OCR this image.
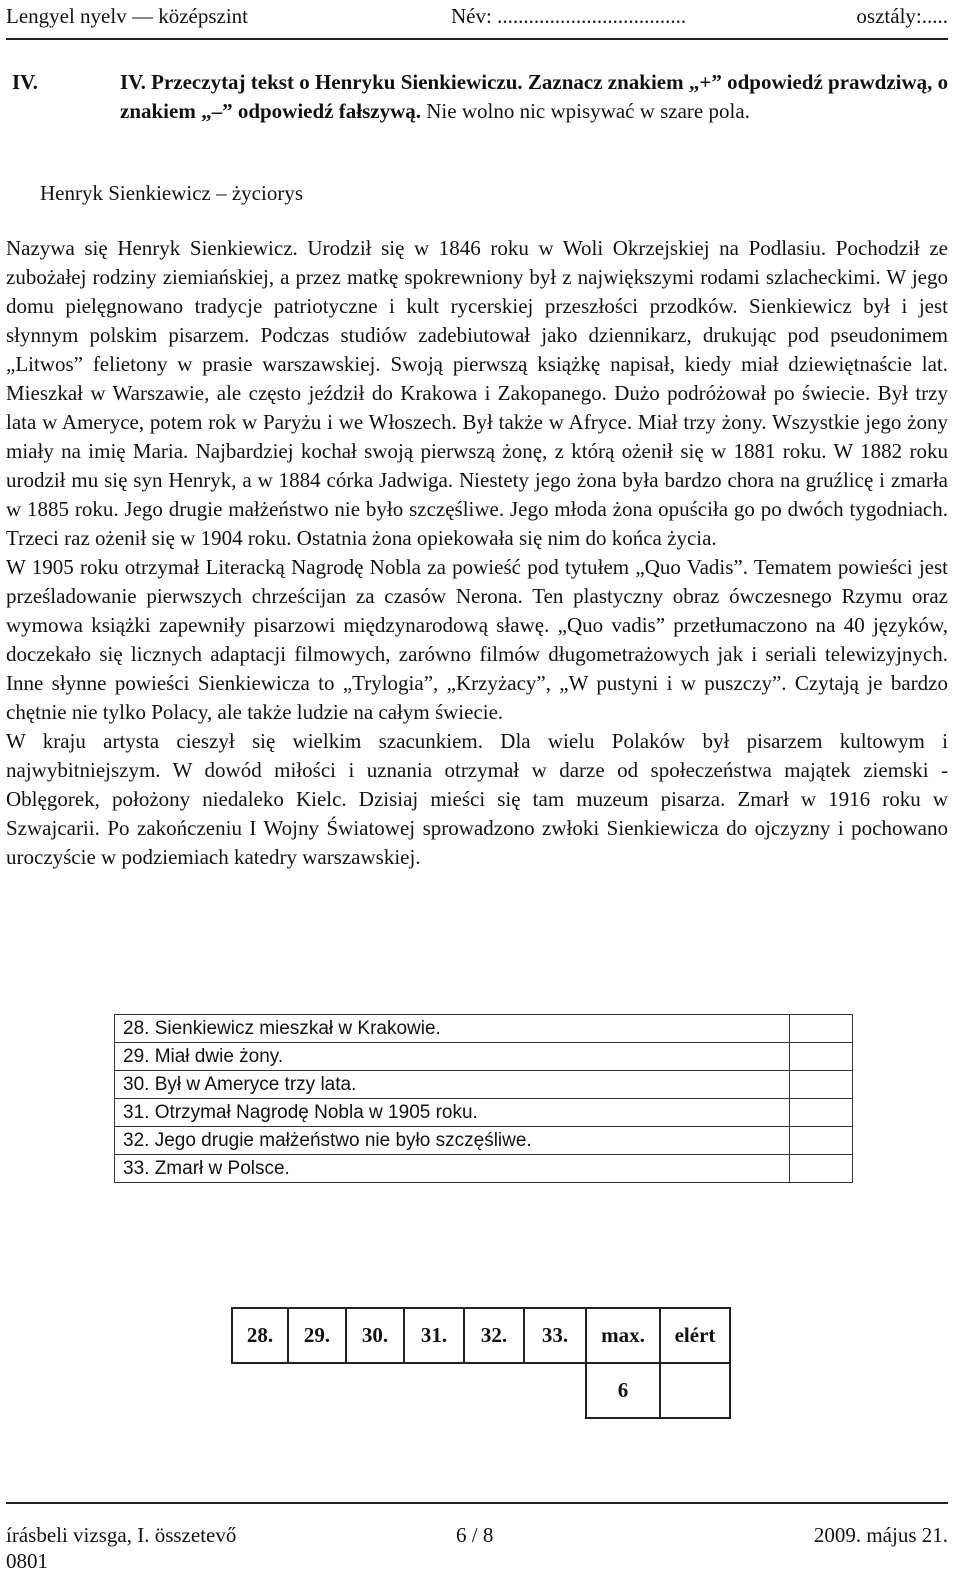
Lengyel nyelv — középszint	Név: ....................................	osztály:.....
IV.	IV. Przeczytaj tekst o Henryku Sienkiewiczu. Zaznacz znakiem „+” odpowiedź prawdziwą, o znakiem „–” odpowiedź fałszywą. Nie wolno nic wpisywać w szare pola.
Henryk Sienkiewicz – życiorys

Nazywa się Henryk Sienkiewicz. Urodził się w 1846 roku w Woli Okrzejskiej na Podlasiu. Pochodził ze zubożałej rodziny ziemiańskiej, a przez matkę spokrewniony był z największymi rodami szlacheckimi. W jego domu pielęgnowano tradycje patriotyczne i kult rycerskiej przeszłości przodków. Sienkiewicz był i jest słynnym polskim pisarzem. Podczas studiów zadebiutował jako dziennikarz, drukując pod pseudonimem „Litwos” felietony w prasie warszawskiej. Swoją pierwszą książkę napisał, kiedy miał dziewiętnaście lat. Mieszkał w Warszawie, ale często jeździł do Krakowa i Zakopanego. Dużo podróżował po świecie. Był trzy lata w Ameryce, potem rok w Paryżu i we Włoszech. Był także w Afryce. Miał trzy żony. Wszystkie jego żony miały na imię Maria. Najbardziej kochał swoją pierwszą żonę, z którą ożenił się w 1881 roku. W 1882 roku urodził mu się syn Henryk, a w 1884 córka Jadwiga. Niestety jego żona była bardzo chora na gruźlicę i zmarła w 1885 roku. Jego drugie małżeństwo nie było szczęśliwe. Jego młoda żona opuściła go po dwóch tygodniach. Trzeci raz ożenił się w 1904 roku. Ostatnia żona opiekowała się nim do końca życia.

W 1905 roku otrzymał Literacką Nagrodę Nobla za powieść pod tytułem „Quo Vadis”. Tematem powieści jest prześladowanie pierwszych chrześcijan za czasów Nerona. Ten plastyczny obraz ówczesnego Rzymu oraz wymowa książki zapewniły pisarzowi międzynarodową sławę. „Quo vadis” przetłumaczono na 40 języków, doczekało się licznych adaptacji filmowych, zarówno filmów długometrażowych jak i seriali telewizyjnych. Inne słynne powieści Sienkiewicza to „Trylogia”, „Krzyżacy”, „W pustyni i w puszczy”. Czytają je bardzo chętnie nie tylko Polacy, ale także ludzie na całym świecie.

W kraju artysta cieszył się wielkim szacunkiem. Dla wielu Polaków był pisarzem kultowym i najwybitniejszym. W dowód miłości i uznania otrzymał w darze od społeczeństwa majątek ziemski - Oblęgorek, położony niedaleko Kielc. Dzisiaj mieści się tam muzeum pisarza. Zmarł w 1916 roku w Szwajcarii. Po zakończeniu I Wojny Światowej sprowadzono zwłoki Sienkiewicza do ojczyzny i pochowano uroczyście w podziemiach katedry warszawskiej.

28. Sienkiewicz mieszkał w Krakowie.	
29. Miał dwie żony.	
30. Był w Ameryce trzy lata.	
31. Otrzymał Nagrodę Nobla w 1905 roku.	
32. Jego drugie małżeństwo nie było szczęśliwe.	
33. Zmarł w Polsce.	
28.	29.	30.	31.	32.	33.	max.	elért
						6	
írásbeli vizsga, I. összetevő	6 / 8	2009. május 21.
0801
